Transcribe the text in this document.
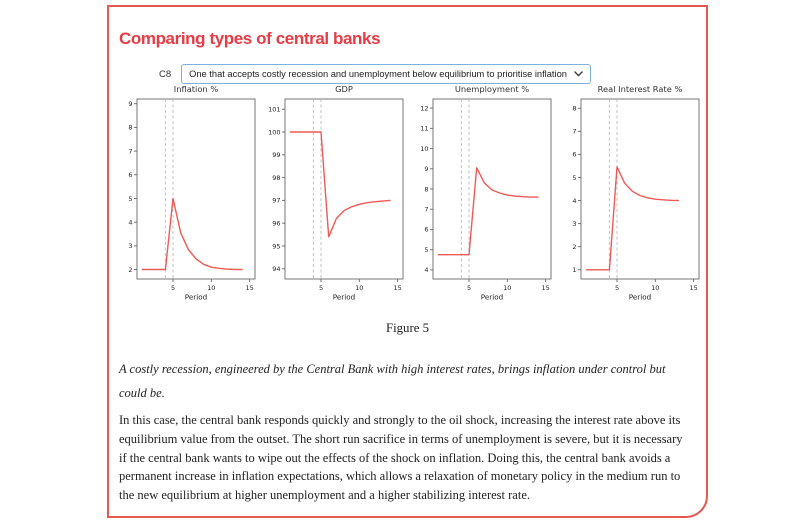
Comparing types of central banks
C8 One that accepts costly recession and unemployment below equilibrium to prioritise inflation
2
3
4
5
6
7
8
9
5	10	15
Inflation %
Period
94
95
96
97
98
99
100
101
5	10	15
GDP
Period
4
5
6
7
8
9
10
11
12
5	10	15
Unemployment %
Period
1
2
3
4
5
6
7
8
5	10	15
Real Interest Rate %
Period
Figure 5
A costly recession, engineered by the Central Bank with high interest rates, brings inflation under control but could be.
In this case, the central bank responds quickly and strongly to the oil shock, increasing the interest rate above its equilibrium value from the outset. The short run sacrifice in terms of unemployment is severe, but it is necessary if the central bank wants to wipe out the effects of the shock on inflation. Doing this, the central bank avoids a permanent increase in inflation expectations, which allows a relaxation of monetary policy in the medium run to the new equilibrium at higher unemployment and a higher stabilizing interest rate.
